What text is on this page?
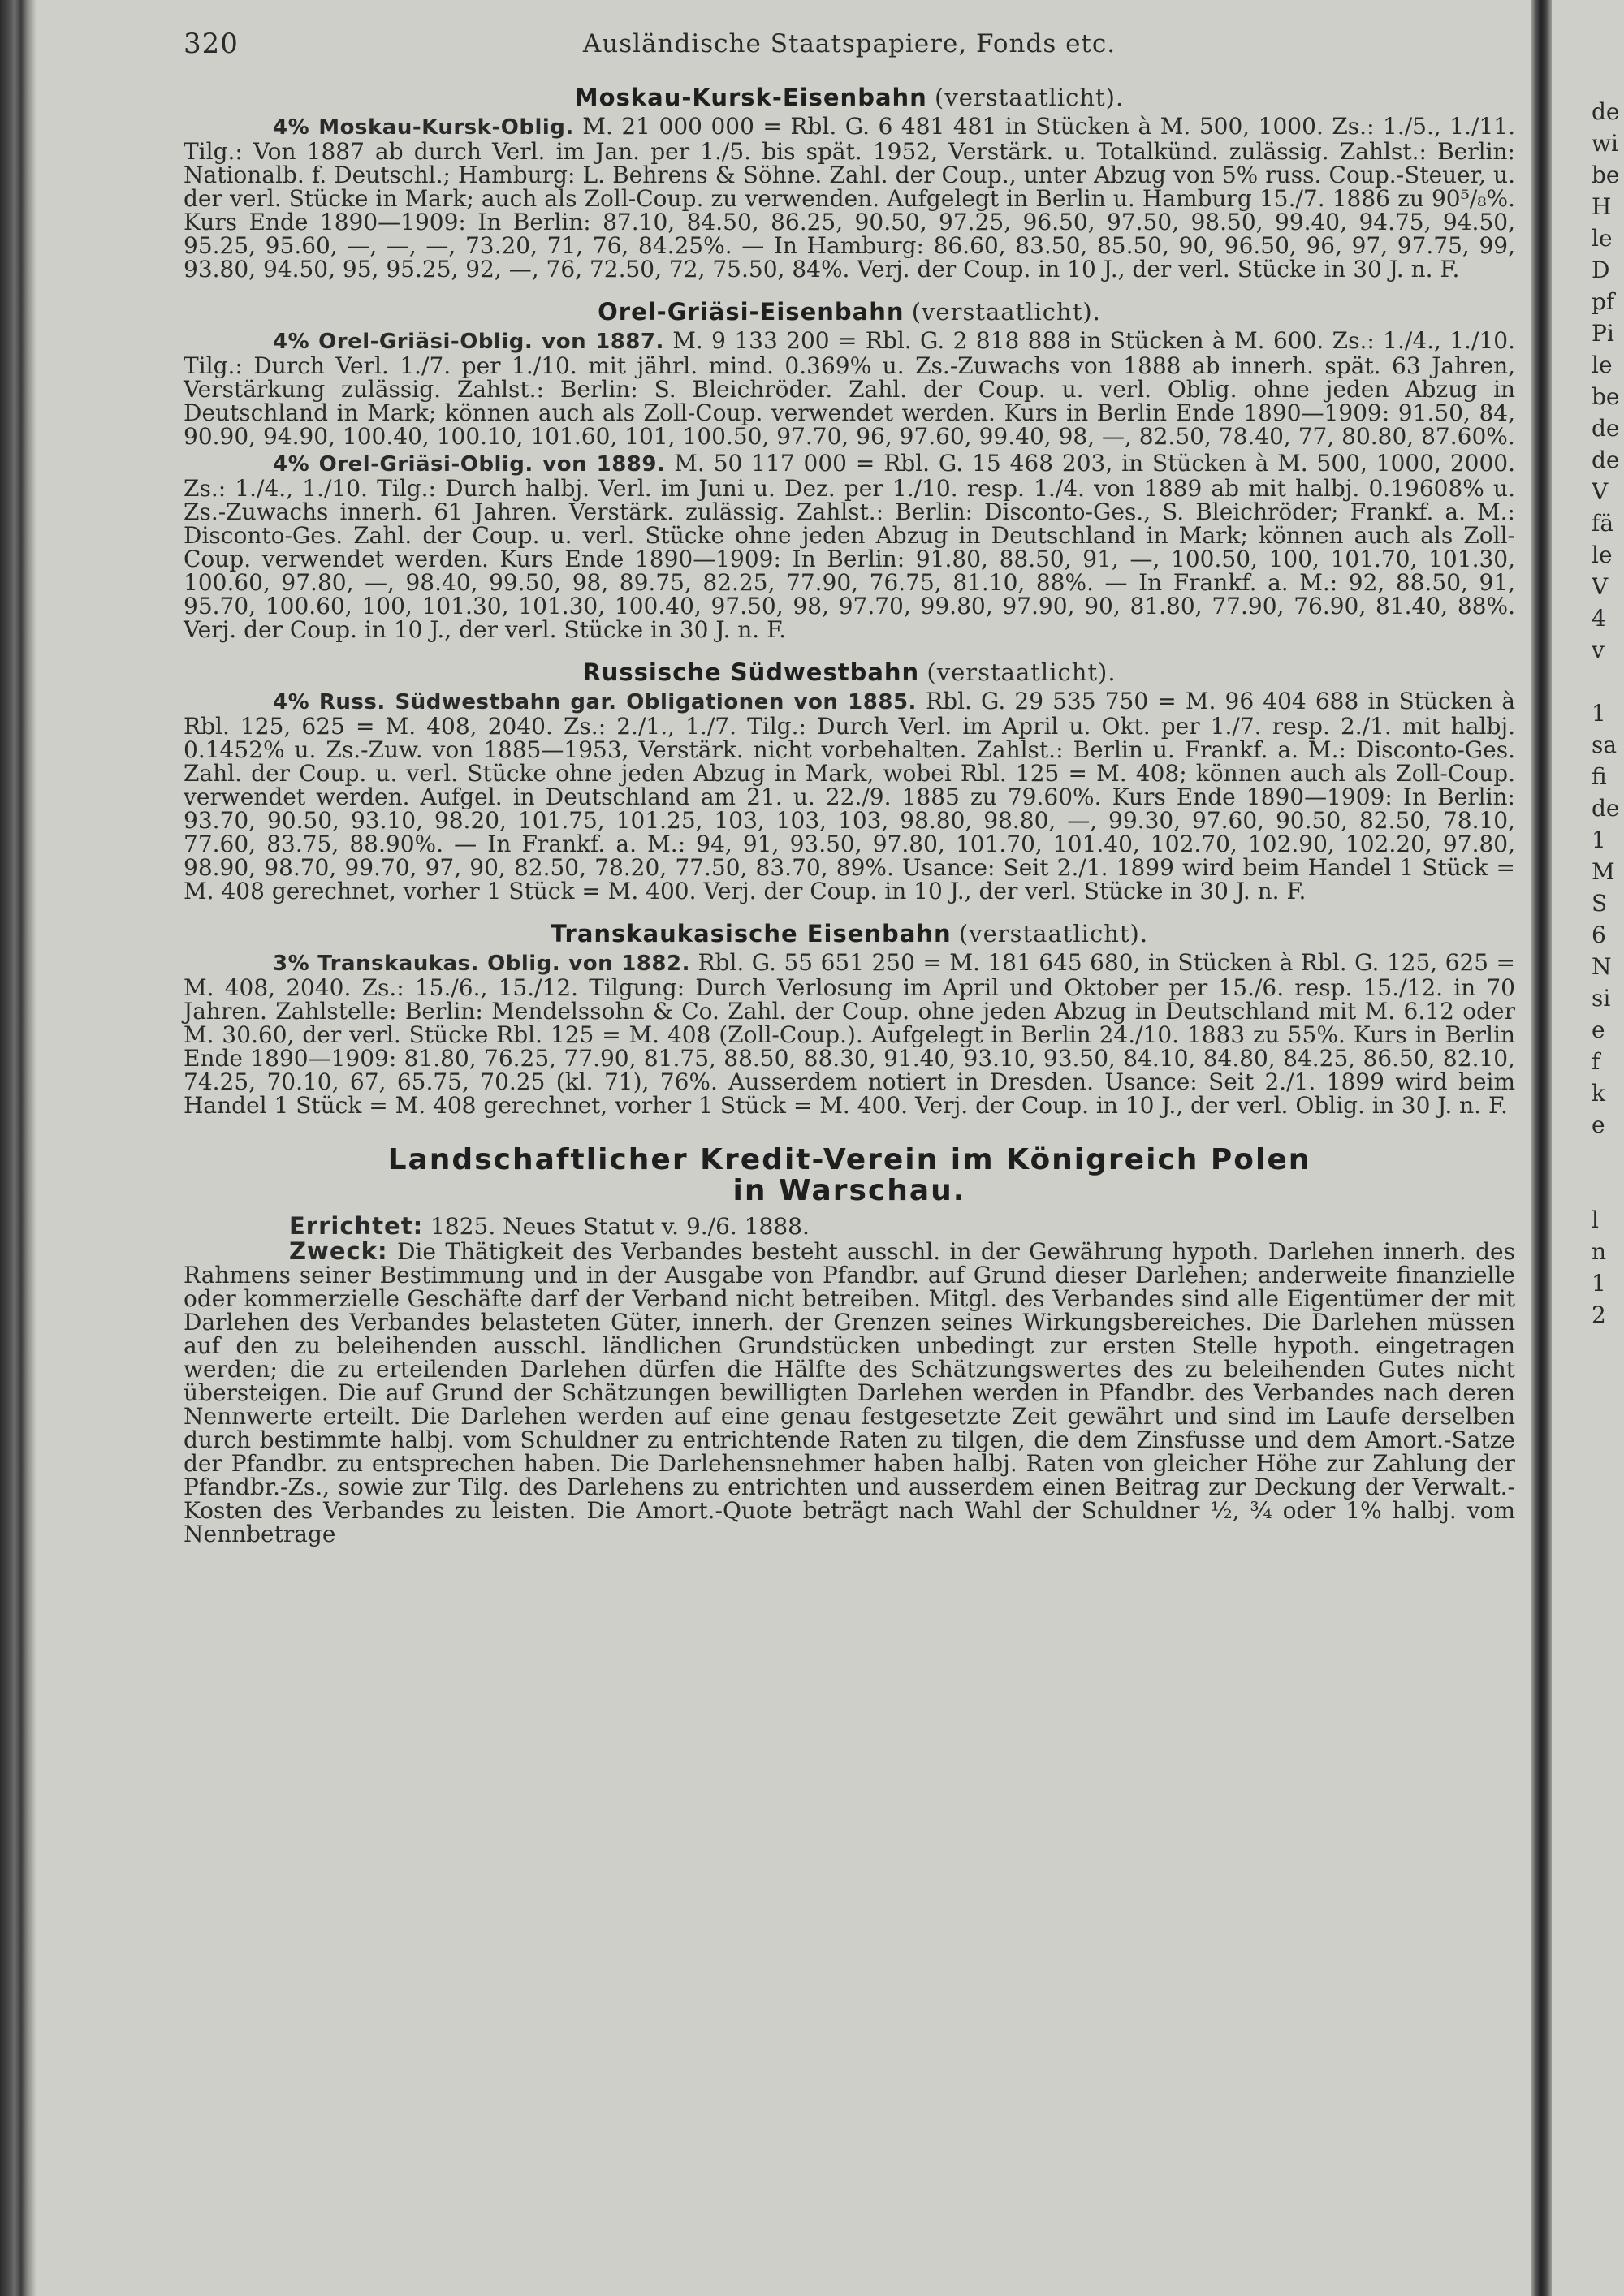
320	Ausländische Staatspapiere, Fonds etc.
Moskau-Kursk-Eisenbahn (verstaatlicht).

4% Moskau-Kursk-Oblig. M. 21 000 000 = Rbl. G. 6 481 481 in Stücken à M. 500, 1000. Zs.: 1./5., 1./11. Tilg.: Von 1887 ab durch Verl. im Jan. per 1./5. bis spät. 1952, Verstärk. u. Totalkünd. zulässig. Zahlst.: Berlin: Nationalb. f. Deutschl.; Hamburg: L. Behrens & Söhne. Zahl. der Coup., unter Abzug von 5% russ. Coup.-Steuer, u. der verl. Stücke in Mark; auch als Zoll-Coup. zu verwenden. Aufgelegt in Berlin u. Hamburg 15./7. 1886 zu 90⁵/₈%. Kurs Ende 1890—1909: In Berlin: 87.10, 84.50, 86.25, 90.50, 97.25, 96.50, 97.50, 98.50, 99.40, 94.75, 94.50, 95.25, 95.60, —, —, —, 73.20, 71, 76, 84.25%. — In Hamburg: 86.60, 83.50, 85.50, 90, 96.50, 96, 97, 97.75, 99, 93.80, 94.50, 95, 95.25, 92, —, 76, 72.50, 72, 75.50, 84%. Verj. der Coup. in 10 J., der verl. Stücke in 30 J. n. F.

Orel-Griäsi-Eisenbahn (verstaatlicht).

4% Orel-Griäsi-Oblig. von 1887. M. 9 133 200 = Rbl. G. 2 818 888 in Stücken à M. 600. Zs.: 1./4., 1./10. Tilg.: Durch Verl. 1./7. per 1./10. mit jährl. mind. 0.369% u. Zs.-Zuwachs von 1888 ab innerh. spät. 63 Jahren, Verstärkung zulässig. Zahlst.: Berlin: S. Bleichröder. Zahl. der Coup. u. verl. Oblig. ohne jeden Abzug in Deutschland in Mark; können auch als Zoll-Coup. verwendet werden. Kurs in Berlin Ende 1890—1909: 91.50, 84, 90.90, 94.90, 100.40, 100.10, 101.60, 101, 100.50, 97.70, 96, 97.60, 99.40, 98, —, 82.50, 78.40, 77, 80.80, 87.60%.

4% Orel-Griäsi-Oblig. von 1889. M. 50 117 000 = Rbl. G. 15 468 203, in Stücken à M. 500, 1000, 2000. Zs.: 1./4., 1./10. Tilg.: Durch halbj. Verl. im Juni u. Dez. per 1./10. resp. 1./4. von 1889 ab mit halbj. 0.19608% u. Zs.-Zuwachs innerh. 61 Jahren. Verstärk. zulässig. Zahlst.: Berlin: Disconto-Ges., S. Bleichröder; Frankf. a. M.: Disconto-Ges. Zahl. der Coup. u. verl. Stücke ohne jeden Abzug in Deutschland in Mark; können auch als Zoll-Coup. verwendet werden. Kurs Ende 1890—1909: In Berlin: 91.80, 88.50, 91, —, 100.50, 100, 101.70, 101.30, 100.60, 97.80, —, 98.40, 99.50, 98, 89.75, 82.25, 77.90, 76.75, 81.10, 88%. — In Frankf. a. M.: 92, 88.50, 91, 95.70, 100.60, 100, 101.30, 101.30, 100.40, 97.50, 98, 97.70, 99.80, 97.90, 90, 81.80, 77.90, 76.90, 81.40, 88%. Verj. der Coup. in 10 J., der verl. Stücke in 30 J. n. F.

Russische Südwestbahn (verstaatlicht).

4% Russ. Südwestbahn gar. Obligationen von 1885. Rbl. G. 29 535 750 = M. 96 404 688 in Stücken à Rbl. 125, 625 = M. 408, 2040. Zs.: 2./1., 1./7. Tilg.: Durch Verl. im April u. Okt. per 1./7. resp. 2./1. mit halbj. 0.1452% u. Zs.-Zuw. von 1885—1953, Verstärk. nicht vorbehalten. Zahlst.: Berlin u. Frankf. a. M.: Disconto-Ges. Zahl. der Coup. u. verl. Stücke ohne jeden Abzug in Mark, wobei Rbl. 125 = M. 408; können auch als Zoll-Coup. verwendet werden. Aufgel. in Deutschland am 21. u. 22./9. 1885 zu 79.60%. Kurs Ende 1890—1909: In Berlin: 93.70, 90.50, 93.10, 98.20, 101.75, 101.25, 103, 103, 103, 98.80, 98.80, —, 99.30, 97.60, 90.50, 82.50, 78.10, 77.60, 83.75, 88.90%. — In Frankf. a. M.: 94, 91, 93.50, 97.80, 101.70, 101.40, 102.70, 102.90, 102.20, 97.80, 98.90, 98.70, 99.70, 97, 90, 82.50, 78.20, 77.50, 83.70, 89%. Usance: Seit 2./1. 1899 wird beim Handel 1 Stück = M. 408 gerechnet, vorher 1 Stück = M. 400. Verj. der Coup. in 10 J., der verl. Stücke in 30 J. n. F.

Transkaukasische Eisenbahn (verstaatlicht).

3% Transkaukas. Oblig. von 1882. Rbl. G. 55 651 250 = M. 181 645 680, in Stücken à Rbl. G. 125, 625 = M. 408, 2040. Zs.: 15./6., 15./12. Tilgung: Durch Verlosung im April und Oktober per 15./6. resp. 15./12. in 70 Jahren. Zahlstelle: Berlin: Mendelssohn & Co. Zahl. der Coup. ohne jeden Abzug in Deutschland mit M. 6.12 oder M. 30.60, der verl. Stücke Rbl. 125 = M. 408 (Zoll-Coup.). Aufgelegt in Berlin 24./10. 1883 zu 55%. Kurs in Berlin Ende 1890—1909: 81.80, 76.25, 77.90, 81.75, 88.50, 88.30, 91.40, 93.10, 93.50, 84.10, 84.80, 84.25, 86.50, 82.10, 74.25, 70.10, 67, 65.75, 70.25 (kl. 71), 76%. Ausserdem notiert in Dresden. Usance: Seit 2./1. 1899 wird beim Handel 1 Stück = M. 408 gerechnet, vorher 1 Stück = M. 400. Verj. der Coup. in 10 J., der verl. Oblig. in 30 J. n. F.

Landschaftlicher Kredit-Verein im Königreich Polen
in Warschau.

Errichtet: 1825. Neues Statut v. 9./6. 1888.

Zweck: Die Thätigkeit des Verbandes besteht ausschl. in der Gewährung hypoth. Darlehen innerh. des Rahmens seiner Bestimmung und in der Ausgabe von Pfandbr. auf Grund dieser Darlehen; anderweite finanzielle oder kommerzielle Geschäfte darf der Verband nicht betreiben. Mitgl. des Verbandes sind alle Eigentümer der mit Darlehen des Verbandes belasteten Güter, innerh. der Grenzen seines Wirkungsbereiches. Die Darlehen müssen auf den zu beleihenden ausschl. ländlichen Grundstücken unbedingt zur ersten Stelle hypoth. eingetragen werden; die zu erteilenden Darlehen dürfen die Hälfte des Schätzungswertes des zu beleihenden Gutes nicht übersteigen. Die auf Grund der Schätzungen bewilligten Darlehen werden in Pfandbr. des Verbandes nach deren Nennwerte erteilt. Die Darlehen werden auf eine genau festgesetzte Zeit gewährt und sind im Laufe derselben durch bestimmte halbj. vom Schuldner zu entrichtende Raten zu tilgen, die dem Zinsfusse und dem Amort.-Satze der Pfandbr. zu entsprechen haben. Die Darlehensnehmer haben halbj. Raten von gleicher Höhe zur Zahlung der Pfandbr.-Zs., sowie zur Tilg. des Darlehens zu entrichten und ausserdem einen Beitrag zur Deckung der Verwalt.-Kosten des Verbandes zu leisten. Die Amort.-Quote beträgt nach Wahl der Schuldner ½, ¾ oder 1% halbj. vom Nennbetrage

de
wi
be
H
le
D
pf
Pi
le
be
de
de
V
fä
le
V
4
v
1
sa
fi
de
1
M
S
6
N
si
e
f
k
e
l
n
1
2
